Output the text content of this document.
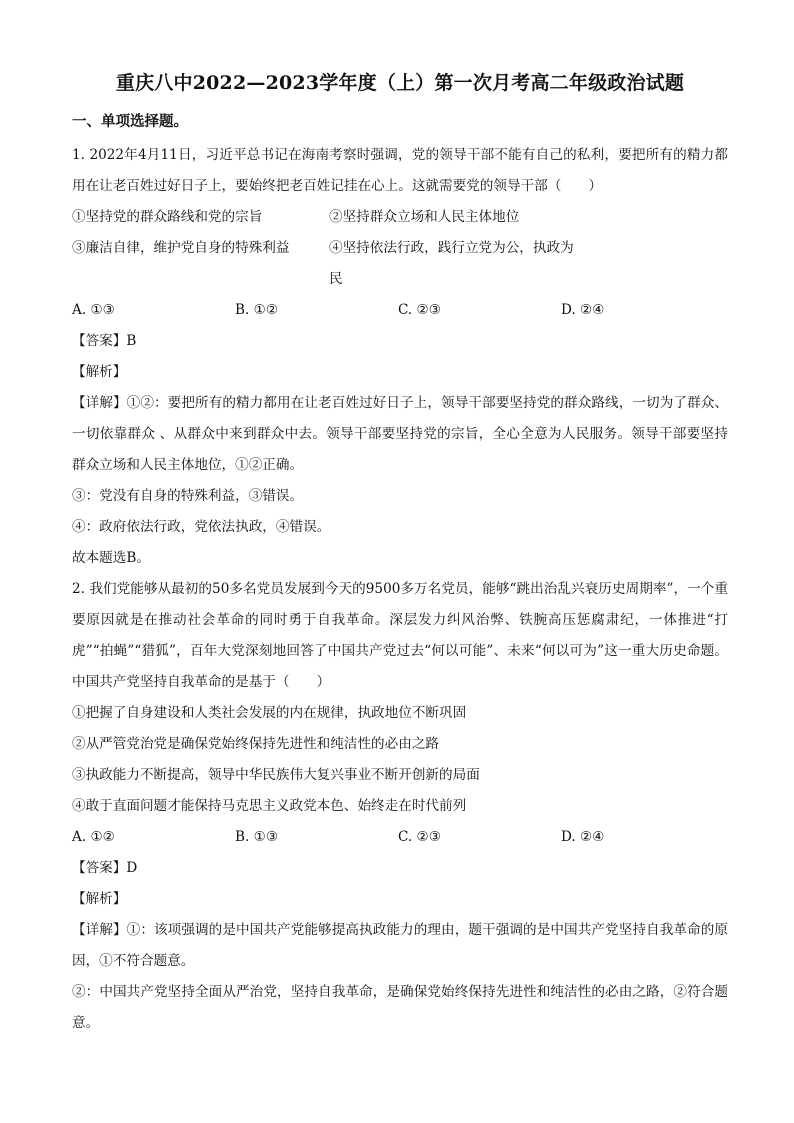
重庆八中2022—2023学年度（上）第一次月考高二年级政治试题
一、单项选择题。

1. 2022年4月11日，习近平总书记在海南考察时强调，党的领导干部不能有自己的私利，要把所有的精力都用在让老百姓过好日子上，要始终把老百姓记挂在心上。这就需要党的领导干部（　　）

①坚持党的群众路线和党的宗旨	②坚持群众立场和人民主体地位
③廉洁自律，维护党自身的特殊利益	④坚持依法行政，践行立党为公，执政为民
A. ①③	B. ①②	C. ②③	D. ②④

【答案】B

【解析】

【详解】①②：要把所有的精力都用在让老百姓过好日子上，领导干部要坚持党的群众路线，一切为了群众、一切依靠群众 、从群众中来到群众中去。领导干部要坚持党的宗旨，全心全意为人民服务。领导干部要坚持群众立场和人民主体地位，①②正确。

③：党没有自身的特殊利益，③错误。

④：政府依法行政，党依法执政，④错误。

故本题选B。

2. 我们党能够从最初的50多名党员发展到今天的9500多万名党员，能够“跳出治乱兴衰历史周期率”，一个重要原因就是在推动社会革命的同时勇于自我革命。深层发力纠风治弊、铁腕高压惩腐肃纪，一体推进“打虎”“拍蝇”“猎狐”，百年大党深刻地回答了中国共产党过去“何以可能”、未来“何以可为”这一重大历史命题。中国共产党坚持自我革命的是基于（　　）

①把握了自身建设和人类社会发展的内在规律，执政地位不断巩固

②从严管党治党是确保党始终保持先进性和纯洁性的必由之路

③执政能力不断提高，领导中华民族伟大复兴事业不断开创新的局面

④敢于直面问题才能保持马克思主义政党本色、始终走在时代前列

A. ①②	B. ①③	C. ②③	D. ②④

【答案】D

【解析】

【详解】①：该项强调的是中国共产党能够提高执政能力的理由，题干强调的是中国共产党坚持自我革命的原因，①不符合题意。

②：中国共产党坚持全面从严治党，坚持自我革命，是确保党始终保持先进性和纯洁性的必由之路，②符合题意。
